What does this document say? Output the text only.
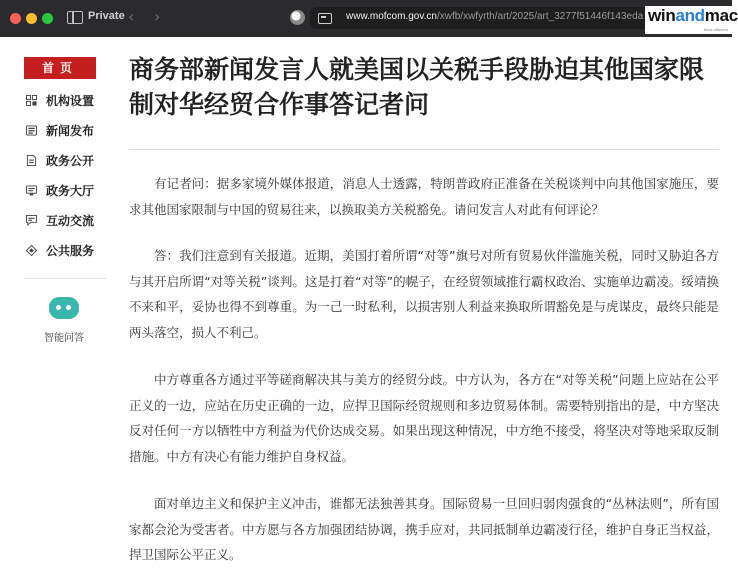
Private ‹ ›	www.mofcom.gov.cn/xwfb/xwfyrth/art/2025/art_3277f51446f143eda winandmac
think different
首页
机构设置
新闻发布
政务公开
政务大厅
互动交流
公共服务
智能问答
商务部新闻发言人就美国以关税手段胁迫其他国家限制对华经贸合作事答记者问

有记者问：据多家境外媒体报道，消息人士透露，特朗普政府正准备在关税谈判中向其他国家施压，要求其他国家限制与中国的贸易往来，以换取美方关税豁免。请问发言人对此有何评论？

答：我们注意到有关报道。近期，美国打着所谓“对等”旗号对所有贸易伙伴滥施关税，同时又胁迫各方与其开启所谓“对等关税”谈判。这是打着“对等”的幌子，在经贸领域推行霸权政治、实施单边霸凌。绥靖换不来和平，妥协也得不到尊重。为一己一时私利，以损害别人利益来换取所谓豁免是与虎谋皮，最终只能是两头落空，损人不利己。

中方尊重各方通过平等磋商解决其与美方的经贸分歧。中方认为，各方在“对等关税”问题上应站在公平正义的一边，应站在历史正确的一边，应捍卫国际经贸规则和多边贸易体制。需要特别指出的是，中方坚决反对任何一方以牺牲中方利益为代价达成交易。如果出现这种情况，中方绝不接受，将坚决对等地采取反制措施。中方有决心有能力维护自身权益。

面对单边主义和保护主义冲击，谁都无法独善其身。国际贸易一旦回归弱肉强食的“丛林法则”，所有国家都会沦为受害者。中方愿与各方加强团结协调，携手应对，共同抵制单边霸凌行径，维护自身正当权益，捍卫国际公平正义。
